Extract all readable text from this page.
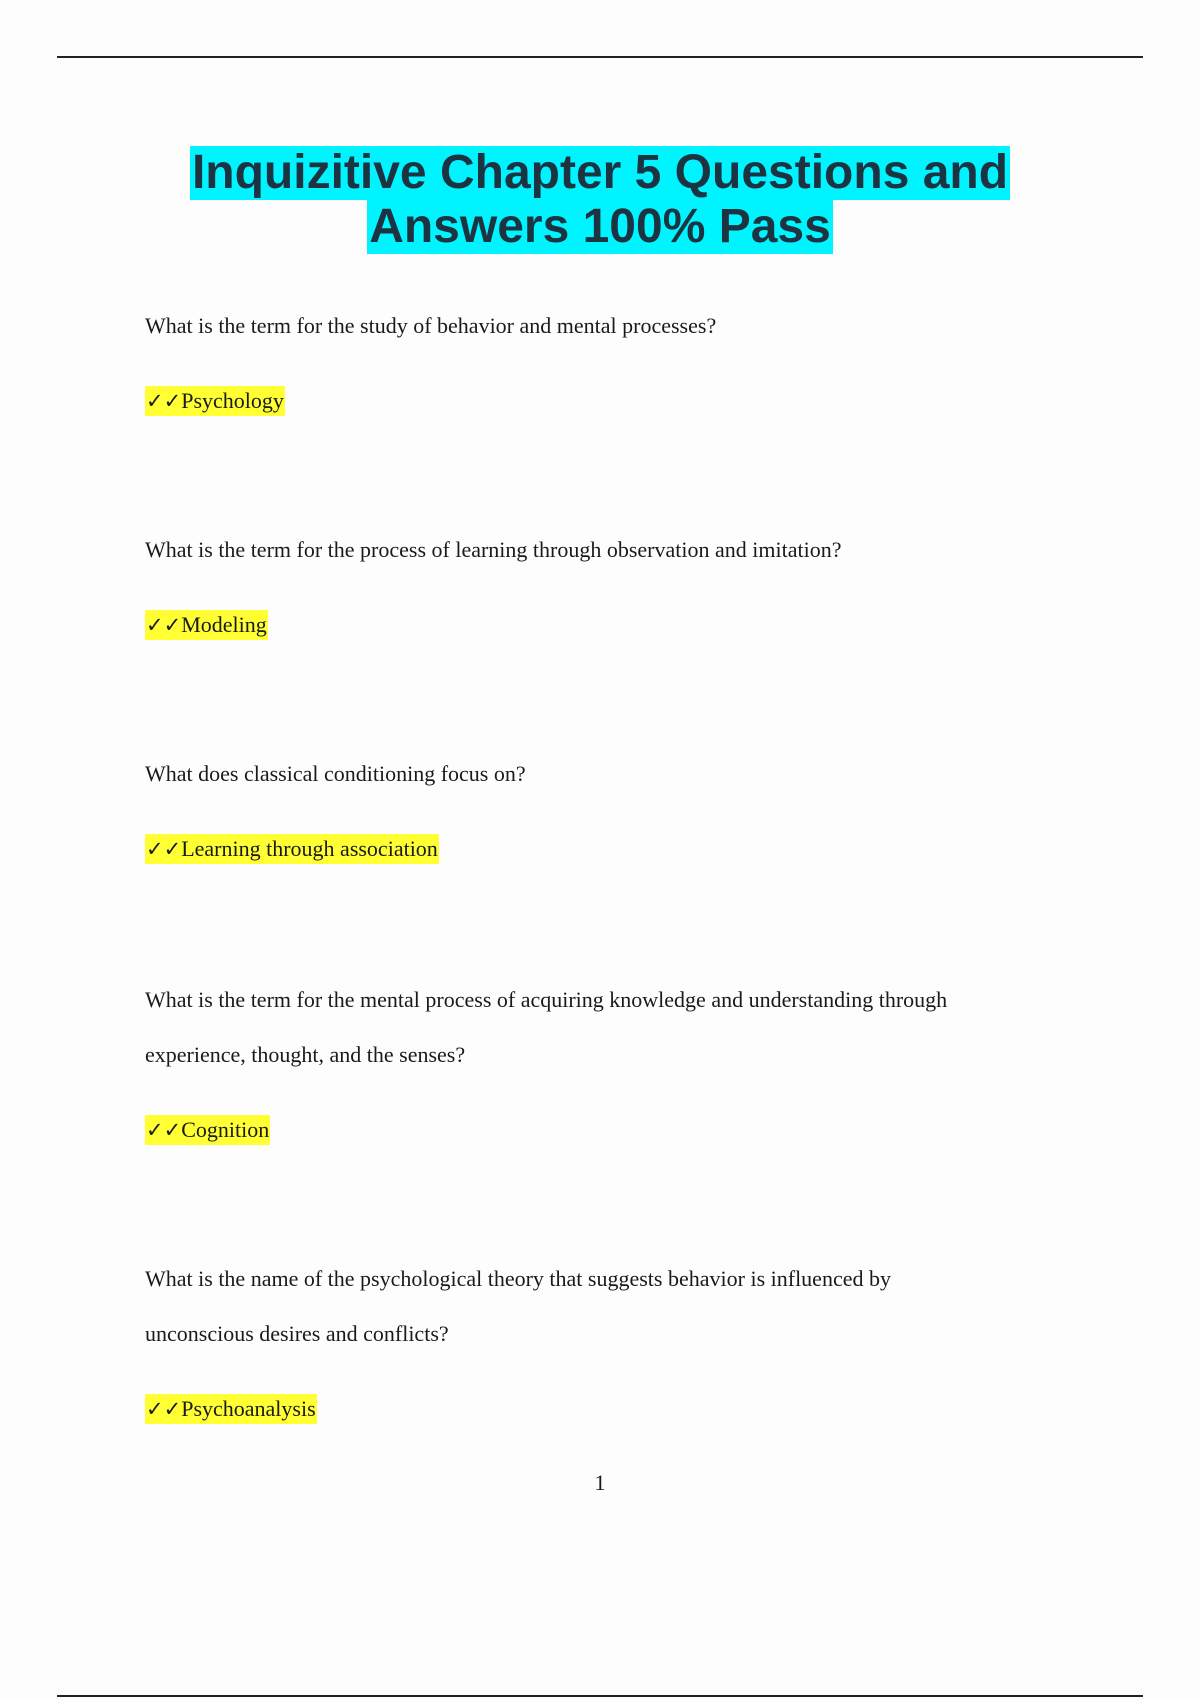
Inquizitive Chapter 5 Questions and
Answers 100% Pass

What is the term for the study of behavior and mental processes?

✓✓Psychology

What is the term for the process of learning through observation and imitation?

✓✓Modeling

What does classical conditioning focus on?

✓✓Learning through association

What is the term for the mental process of acquiring knowledge and understanding through

experience, thought, and the senses?

✓✓Cognition

What is the name of the psychological theory that suggests behavior is influenced by

unconscious desires and conflicts?

✓✓Psychoanalysis

1
